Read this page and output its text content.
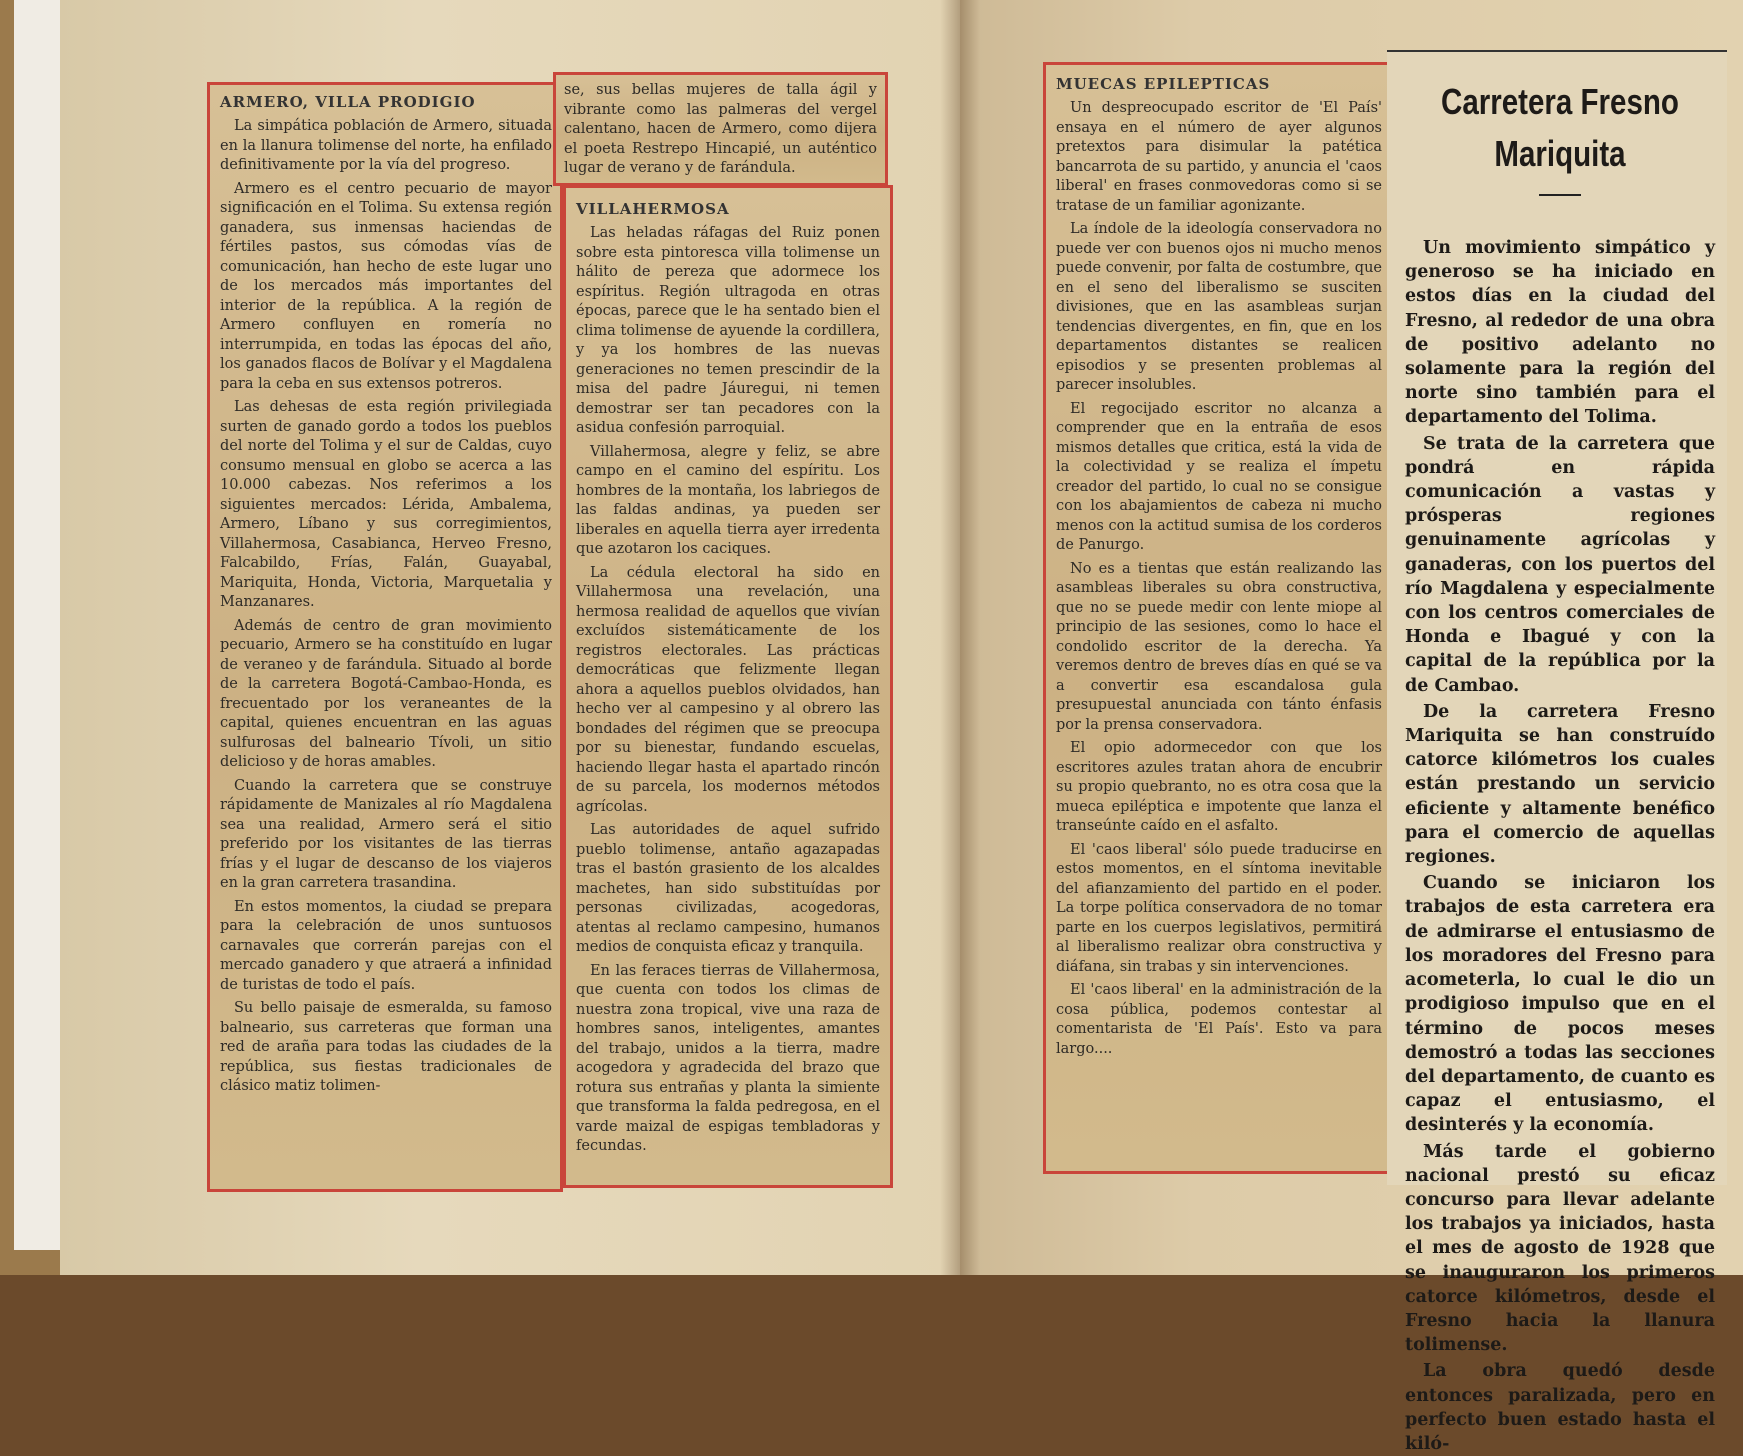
ARMERO, VILLA PRODIGIO

La simpática población de Armero, situada en la llanura tolimense del norte, ha enfilado definitivamente por la vía del progreso.

Armero es el centro pecuario de mayor significación en el Tolima. Su extensa región ganadera, sus inmensas haciendas de fértiles pastos, sus cómodas vías de comunicación, han hecho de este lugar uno de los mercados más importantes del interior de la república. A la región de Armero confluyen en romería no interrumpida, en todas las épocas del año, los ganados flacos de Bolívar y el Magdalena para la ceba en sus extensos potreros.

Las dehesas de esta región privilegiada surten de ganado gordo a todos los pueblos del norte del Tolima y el sur de Caldas, cuyo consumo mensual en globo se acerca a las 10.000 cabezas. Nos referimos a los siguientes mercados: Lérida, Ambalema, Armero, Líbano y sus corregimientos, Villahermosa, Casabianca, Herveo Fresno, Falcabildo, Frías, Falán, Guayabal, Mariquita, Honda, Victoria, Marquetalia y Manzanares.

Además de centro de gran movimiento pecuario, Armero se ha constituído en lugar de veraneo y de farándula. Situado al borde de la carretera Bogotá-Cambao-Honda, es frecuentado por los veraneantes de la capital, quienes encuentran en las aguas sulfurosas del balneario Tívoli, un sitio delicioso y de horas amables.

Cuando la carretera que se construye rápidamente de Manizales al río Magdalena sea una realidad, Armero será el sitio preferido por los visitantes de las tierras frías y el lugar de descanso de los viajeros en la gran carretera trasandina.

En estos momentos, la ciudad se prepara para la celebración de unos suntuosos carnavales que correrán parejas con el mercado ganadero y que atraerá a infinidad de turistas de todo el país.

Su bello paisaje de esmeralda, su famoso balneario, sus carreteras que forman una red de araña para todas las ciudades de la república, sus fiestas tradicionales de clásico matiz tolimen-

se, sus bellas mujeres de talla ágil y vibrante como las palmeras del vergel calentano, hacen de Armero, como dijera el poeta Restrepo Hincapié, un auténtico lugar de verano y de farándula.

VILLAHERMOSA

Las heladas ráfagas del Ruiz ponen sobre esta pintoresca villa tolimense un hálito de pereza que adormece los espíritus. Región ultragoda en otras épocas, parece que le ha sentado bien el clima tolimense de ayuende la cordillera, y ya los hombres de las nuevas generaciones no temen prescindir de la misa del padre Jáuregui, ni temen demostrar ser tan pecadores con la asidua confesión parroquial.

Villahermosa, alegre y feliz, se abre campo en el camino del espíritu. Los hombres de la montaña, los labriegos de las faldas andinas, ya pueden ser liberales en aquella tierra ayer irredenta que azotaron los caciques.

La cédula electoral ha sido en Villahermosa una revelación, una hermosa realidad de aquellos que vivían excluídos sistemáticamente de los registros electorales. Las prácticas democráticas que felizmente llegan ahora a aquellos pueblos olvidados, han hecho ver al campesino y al obrero las bondades del régimen que se preocupa por su bienestar, fundando escuelas, haciendo llegar hasta el apartado rincón de su parcela, los modernos métodos agrícolas.

Las autoridades de aquel sufrido pueblo tolimense, antaño agazapadas tras el bastón grasiento de los alcaldes machetes, han sido substituídas por personas civilizadas, acogedoras, atentas al reclamo campesino, humanos medios de conquista eficaz y tranquila.

En las feraces tierras de Villahermosa, que cuenta con todos los climas de nuestra zona tropical, vive una raza de hombres sanos, inteligentes, amantes del trabajo, unidos a la tierra, madre acogedora y agradecida del brazo que rotura sus entrañas y planta la simiente que transforma la falda pedregosa, en el varde maizal de espigas tembladoras y fecundas.

MUECAS EPILEPTICAS

Un despreocupado escritor de 'El País' ensaya en el número de ayer algunos pretextos para disimular la patética bancarrota de su partido, y anuncia el 'caos liberal' en frases conmovedoras como si se tratase de un familiar agonizante.

La índole de la ideología conservadora no puede ver con buenos ojos ni mucho menos puede convenir, por falta de costumbre, que en el seno del liberalismo se susciten divisiones, que en las asambleas surjan tendencias divergentes, en fin, que en los departamentos distantes se realicen episodios y se presenten problemas al parecer insolubles.

El regocijado escritor no alcanza a comprender que en la entraña de esos mismos detalles que critica, está la vida de la colectividad y se realiza el ímpetu creador del partido, lo cual no se consigue con los abajamientos de cabeza ni mucho menos con la actitud sumisa de los corderos de Panurgo.

No es a tientas que están realizando las asambleas liberales su obra constructiva, que no se puede medir con lente miope al principio de las sesiones, como lo hace el condolido escritor de la derecha. Ya veremos dentro de breves días en qué se va a convertir esa escandalosa gula presupuestal anunciada con tánto énfasis por la prensa conservadora.

El opio adormecedor con que los escritores azules tratan ahora de encubrir su propio quebranto, no es otra cosa que la mueca epiléptica e impotente que lanza el transeúnte caído en el asfalto.

El 'caos liberal' sólo puede traducirse en estos momentos, en el síntoma inevitable del afianzamiento del partido en el poder. La torpe política conservadora de no tomar parte en los cuerpos legislativos, permitirá al liberalismo realizar obra constructiva y diáfana, sin trabas y sin intervenciones.

El 'caos liberal' en la administración de la cosa pública, podemos contestar al comentarista de 'El País'. Esto va para largo....

Carretera Fresno Mariquita

Un movimiento simpático y generoso se ha iniciado en estos días en la ciudad del Fresno, al rededor de una obra de positivo adelanto no solamente para la región del norte sino también para el departamento del Tolima.

Se trata de la carretera que pondrá en rápida comunicación a vastas y prósperas regiones genuinamente agrícolas y ganaderas, con los puertos del río Magdalena y especialmente con los centros comerciales de Honda e Ibagué y con la capital de la república por la de Cambao.

De la carretera Fresno Mariquita se han construído catorce kilómetros los cuales están prestando un servicio eficiente y altamente benéfico para el comercio de aquellas regiones.

Cuando se iniciaron los trabajos de esta carretera era de admirarse el entusiasmo de los moradores del Fresno para acometerla, lo cual le dio un prodigioso impulso que en el término de pocos meses demostró a todas las secciones del departamento, de cuanto es capaz el entusiasmo, el desinterés y la economía.

Más tarde el gobierno nacional prestó su eficaz concurso para llevar adelante los trabajos ya iniciados, hasta el mes de agosto de 1928 que se inauguraron los primeros catorce kilómetros, desde el Fresno hacia la llanura tolimense.

La obra quedó desde entonces paralizada, pero en perfecto buen estado hasta el kiló-
